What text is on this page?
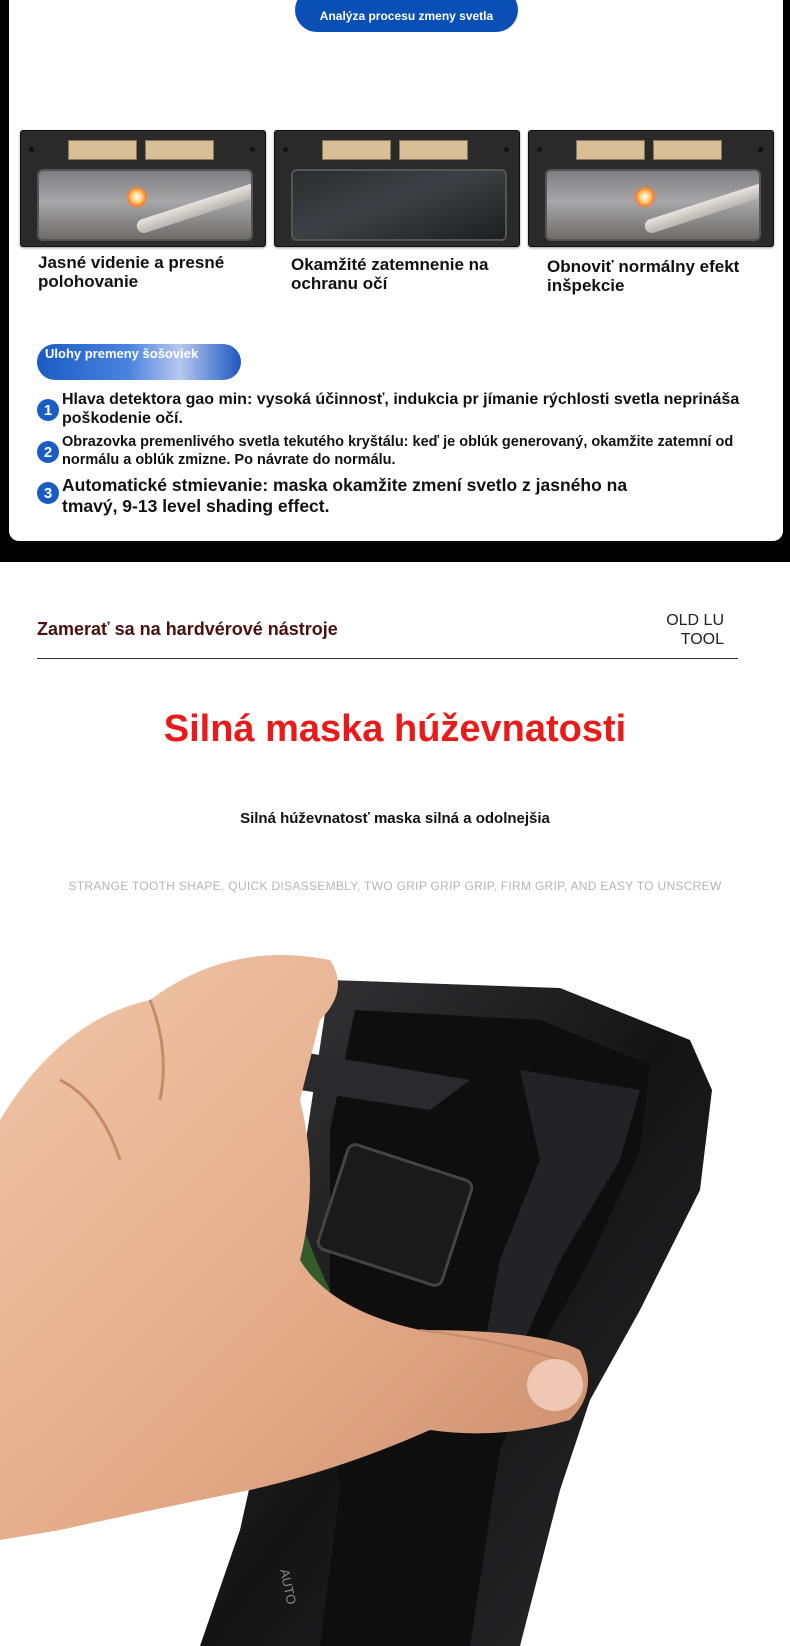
Analýza procesu zmeny svetla
Jasné videnie a presné polohovanie
Okamžité zatemnenie na ochranu očí
Obnoviť normálny efekt inšpekcie
Ulohy premeny šošoviek
1
Hlava detektora gao min: vysoká účinnosť, indukcia pr jímanie rýchlosti svetla neprináša poškodenie očí.
2
Obrazovka premenlivého svetla tekutého kryštálu: keď je oblúk generovaný, okamžite zatemní od normálu a oblúk zmizne. Po návrate do normálu.
3 Automatické stmievanie: maska okamžite zmení svetlo z jasného na tmavý, 9-13 level shading effect.
Zamerať sa na hardvérové nástroje	OLD LU
TOOL
Silná maska húževnatosti
Silná húževnatosť maska silná a odolnejšia
STRANGE TOOTH SHAPE, QUICK DISASSEMBLY, TWO GRIP GRIP GRIP, FIRM GRIP, AND EASY TO UNSCREW
AUTO
